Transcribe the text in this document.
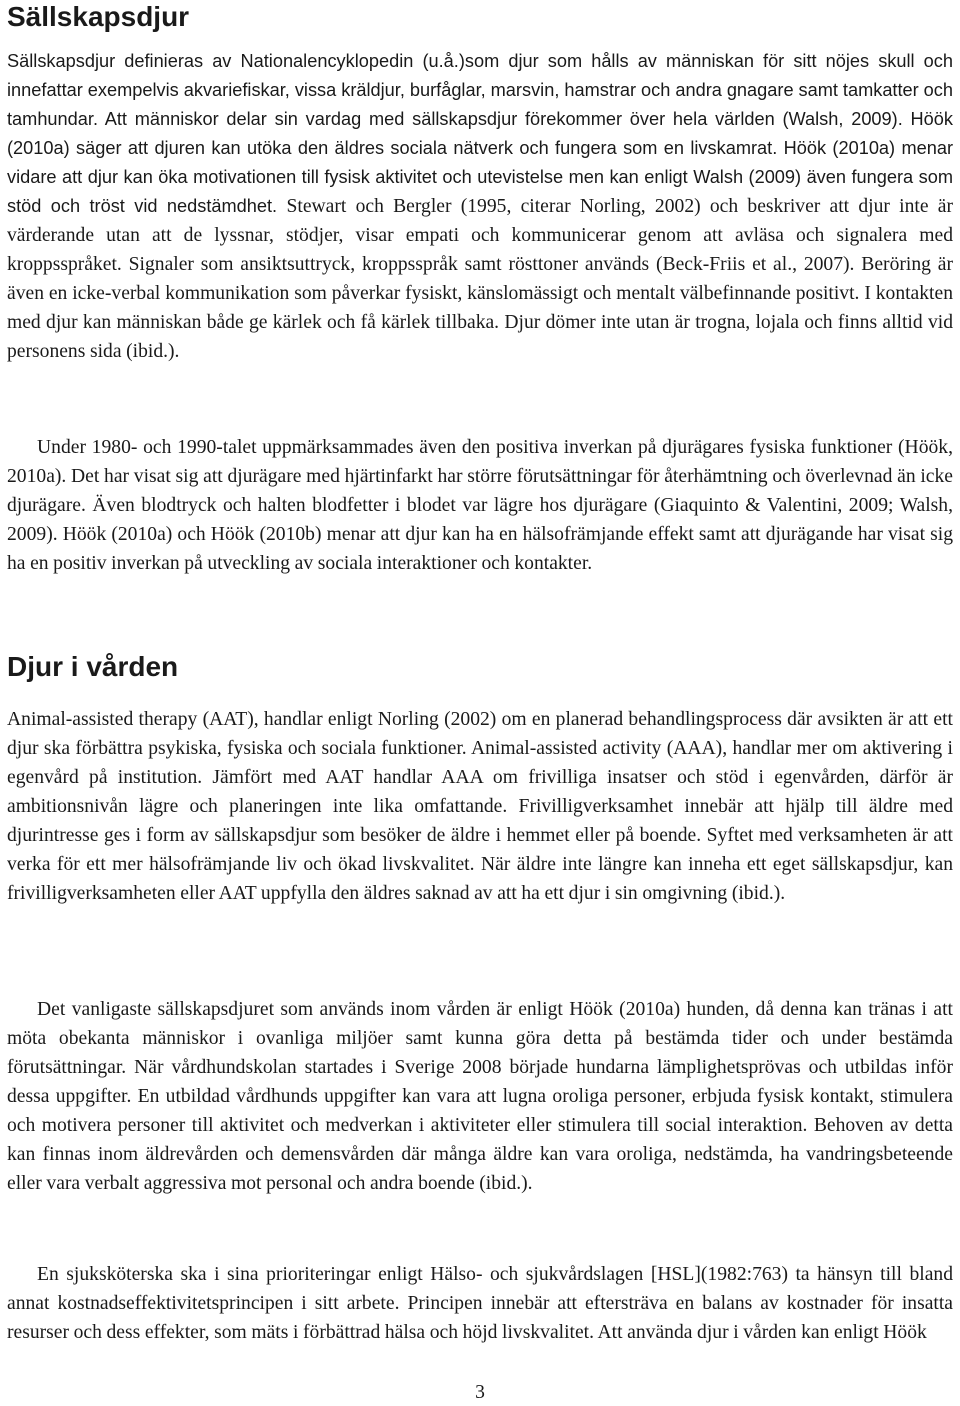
Sällskapsdjur

Sällskapsdjur definieras av Nationalencyklopedin (u.å.)som djur som hålls av människan för sitt nöjes skull och innefattar exempelvis akvariefiskar, vissa kräldjur, burfåglar, marsvin, hamstrar och andra gnagare samt tamkatter och tamhundar. Att människor delar sin vardag med sällskapsdjur förekommer över hela världen (Walsh, 2009). Höök (2010a) säger att djuren kan utöka den äldres sociala nätverk och fungera som en livskamrat. Höök (2010a) menar vidare att djur kan öka motivationen till fysisk aktivitet och utevistelse men kan enligt Walsh (2009) även fungera som stöd och tröst vid nedstämdhet. Stewart och Bergler (1995, citerar Norling, 2002) och beskriver att djur inte är värderande utan att de lyssnar, stödjer, visar empati och kommunicerar genom att avläsa och signalera med kroppsspråket. Signaler som ansiktsuttryck, kroppsspråk samt rösttoner används (Beck-Friis et al., 2007). Beröring är även en icke-verbal kommunikation som påverkar fysiskt, känslomässigt och mentalt välbefinnande positivt. I kontakten med djur kan människan både ge kärlek och få kärlek tillbaka. Djur dömer inte utan är trogna, lojala och finns alltid vid personens sida (ibid.).

Under 1980- och 1990-talet uppmärksammades även den positiva inverkan på djurägares fysiska funktioner (Höök, 2010a). Det har visat sig att djurägare med hjärtinfarkt har större förutsättningar för återhämtning och överlevnad än icke djurägare. Även blodtryck och halten blodfetter i blodet var lägre hos djurägare (Giaquinto & Valentini, 2009; Walsh, 2009). Höök (2010a) och Höök (2010b) menar att djur kan ha en hälsofrämjande effekt samt att djurägande har visat sig ha en positiv inverkan på utveckling av sociala interaktioner och kontakter.

Djur i vården

Animal-assisted therapy (AAT), handlar enligt Norling (2002) om en planerad behandlingsprocess där avsikten är att ett djur ska förbättra psykiska, fysiska och sociala funktioner. Animal-assisted activity (AAA), handlar mer om aktivering i egenvård på institution. Jämfört med AAT handlar AAA om frivilliga insatser och stöd i egenvården, därför är ambitionsnivån lägre och planeringen inte lika omfattande. Frivilligverksamhet innebär att hjälp till äldre med djurintresse ges i form av sällskapsdjur som besöker de äldre i hemmet eller på boende. Syftet med verksamheten är att verka för ett mer hälsofrämjande liv och ökad livskvalitet. När äldre inte längre kan inneha ett eget sällskapsdjur, kan frivilligverksamheten eller AAT uppfylla den äldres saknad av att ha ett djur i sin omgivning (ibid.).

Det vanligaste sällskapsdjuret som används inom vården är enligt Höök (2010a) hunden, då denna kan tränas i att möta obekanta människor i ovanliga miljöer samt kunna göra detta på bestämda tider och under bestämda förutsättningar. När vårdhundskolan startades i Sverige 2008 började hundarna lämplighetsprövas och utbildas inför dessa uppgifter. En utbildad vårdhunds uppgifter kan vara att lugna oroliga personer, erbjuda fysisk kontakt, stimulera och motivera personer till aktivitet och medverkan i aktiviteter eller stimulera till social interaktion. Behoven av detta kan finnas inom äldrevården och demensvården där många äldre kan vara oroliga, nedstämda, ha vandringsbeteende eller vara verbalt aggressiva mot personal och andra boende (ibid.).

En sjuksköterska ska i sina prioriteringar enligt Hälso- och sjukvårdslagen [HSL](1982:763) ta hänsyn till bland annat kostnadseffektivitetsprincipen i sitt arbete. Principen innebär att eftersträva en balans av kostnader för insatta resurser och dess effekter, som mäts i förbättrad hälsa och höjd livskvalitet. Att använda djur i vården kan enligt Höök

3
